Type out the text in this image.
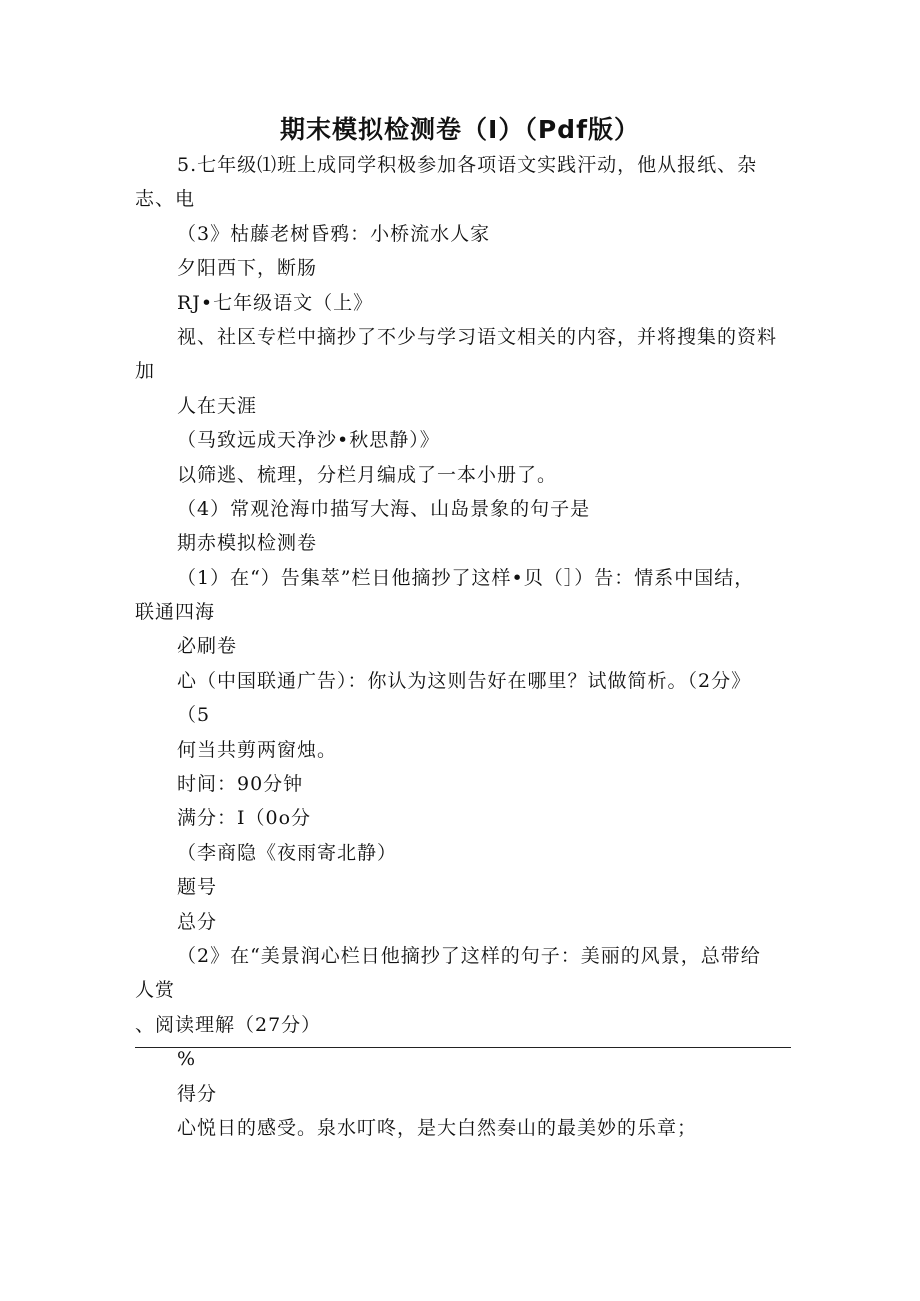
期末模拟检测卷（I）（Pdf版）
5.七年级⑴班上成同学积极参加各项语文实践汗动，他从报纸、杂
志、电
（3》枯藤老树昏鸦：小桥流水人家
夕阳西下，断肠
RJ•七年级语文（上》
视、社区专栏中摘抄了不少与学习语文相关的内容，并将搜集的资料
加
人在天涯
（马致远成天净沙•秋思静）》
以筛逃、梳理，分栏月编成了一本小册了。
（4）常观沧海巾描写大海、山岛景象的句子是
期赤模拟检测卷
（1）在“）告集萃”栏日他摘抄了这样•贝（］）告：情系中国结，
联通四海
必刷卷
心（中国联通广告）：你认为这则告好在哪里？试做简析。（2分》
（5
何当共剪两窗烛。
时间：90分钟
满分：I（0o分
（李商隐《夜雨寄北静）
题号
总分
（2》在“美景润心栏日他摘抄了这样的句子：美丽的风景，总带给
人赏
、阅读理解（27分）
%
得分
心悦日的感受。泉水叮咚，是大白然奏山的最美妙的乐章；
